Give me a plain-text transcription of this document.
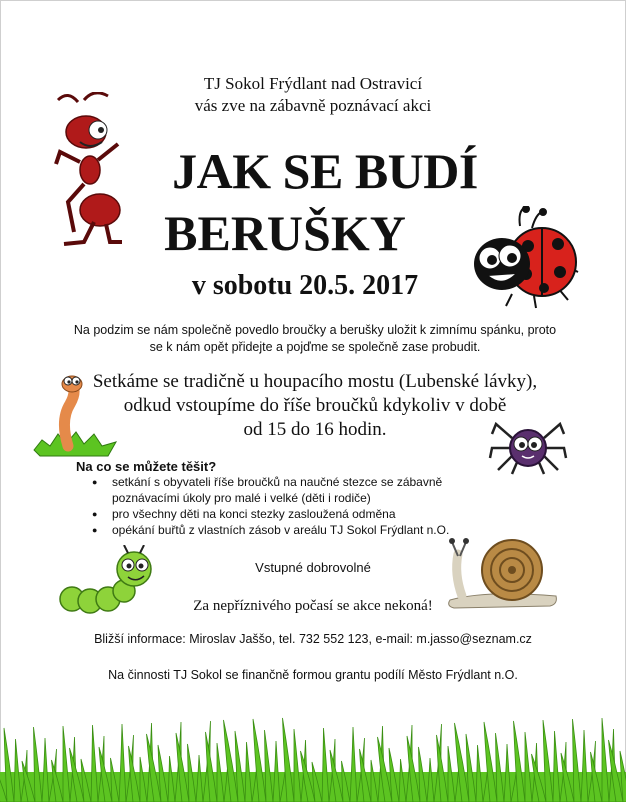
TJ Sokol Frýdlant nad Ostravicí
vás zve na zábavně poznávací akci
JAK SE BUDÍ
BERUŠKY
v sobotu 20.5. 2017
Na podzim se nám společně povedlo broučky a berušky uložit k zimnímu spánku, proto
se k nám opět přidejte a pojďme se společně zase probudit.
Setkáme se tradičně u houpacího mostu (Lubenské lávky),
odkud vstoupíme do říše broučků kdykoliv v době
od 15 do 16 hodin.
Na co se můžete těšit?
● setkání s obyvateli říše broučků na naučné stezce se zábavně poznávacími úkoly pro malé i velké (děti i rodiče)
● pro všechny děti na konci stezky zasloužená odměna
● opékání buřtů z vlastních zásob v areálu TJ Sokol Frýdlant n.O.
Vstupné dobrovolné
Za nepříznivého počasí se akce nekoná!
Bližší informace: Miroslav Jaššo, tel. 732 552 123, e-mail: m.jasso@seznam.cz
Na činnosti TJ Sokol se finančně formou grantu podílí Město Frýdlant n.O.
